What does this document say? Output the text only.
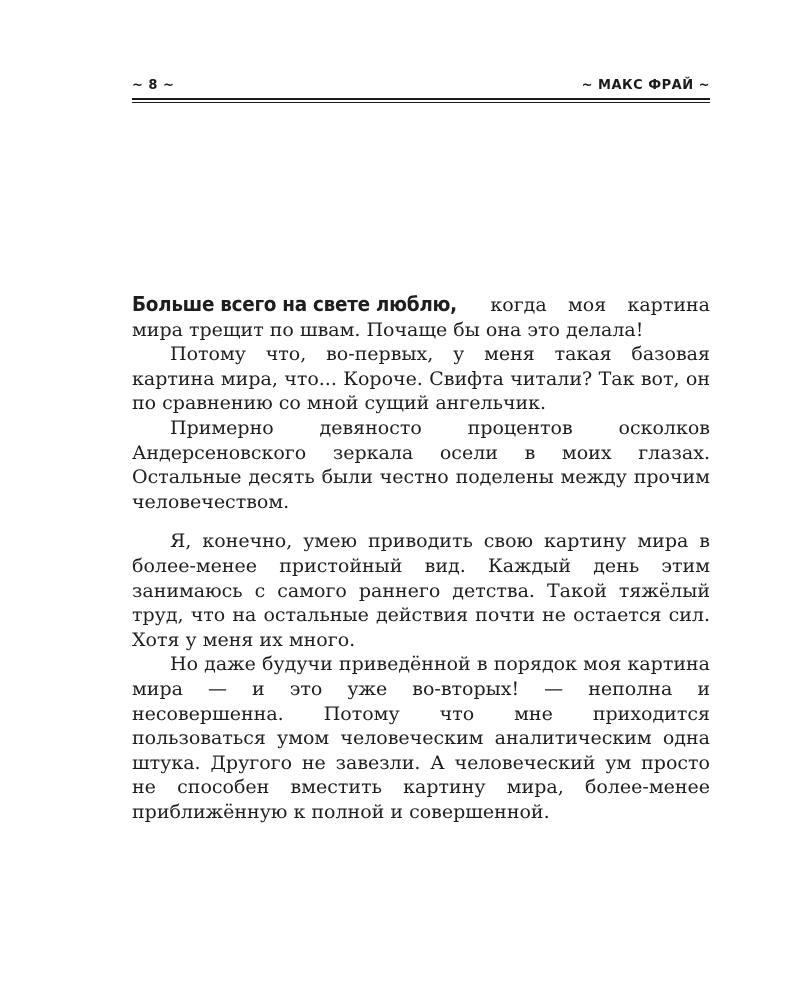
~ 8 ~	~ МАКС ФРАЙ ~

Больше всего на свете люблю, когда моя картина мира трещит по швам. Почаще бы она это делала!

Потому что, во-первых, у меня такая базовая картина мира, что... Короче. Свифта читали? Так вот, он по сравнению со мной сущий ангельчик.

Примерно девяносто процентов осколков Андерсеновского зеркала осели в моих глазах. Остальные десять были честно поделены между прочим человечеством.

Я, конечно, умею приводить свою картину мира в более-менее пристойный вид. Каждый день этим занимаюсь с самого раннего детства. Такой тяжёлый труд, что на остальные действия почти не остается сил. Хотя у меня их много.

Но даже будучи приведённой в порядок моя картина мира — и это уже во-вторых! — неполна и несовершенна. Потому что мне приходится пользоваться умом человеческим аналитическим одна штука. Другого не завезли. А человеческий ум просто не способен вместить картину мира, более-менее приближённую к полной и совершенной.
